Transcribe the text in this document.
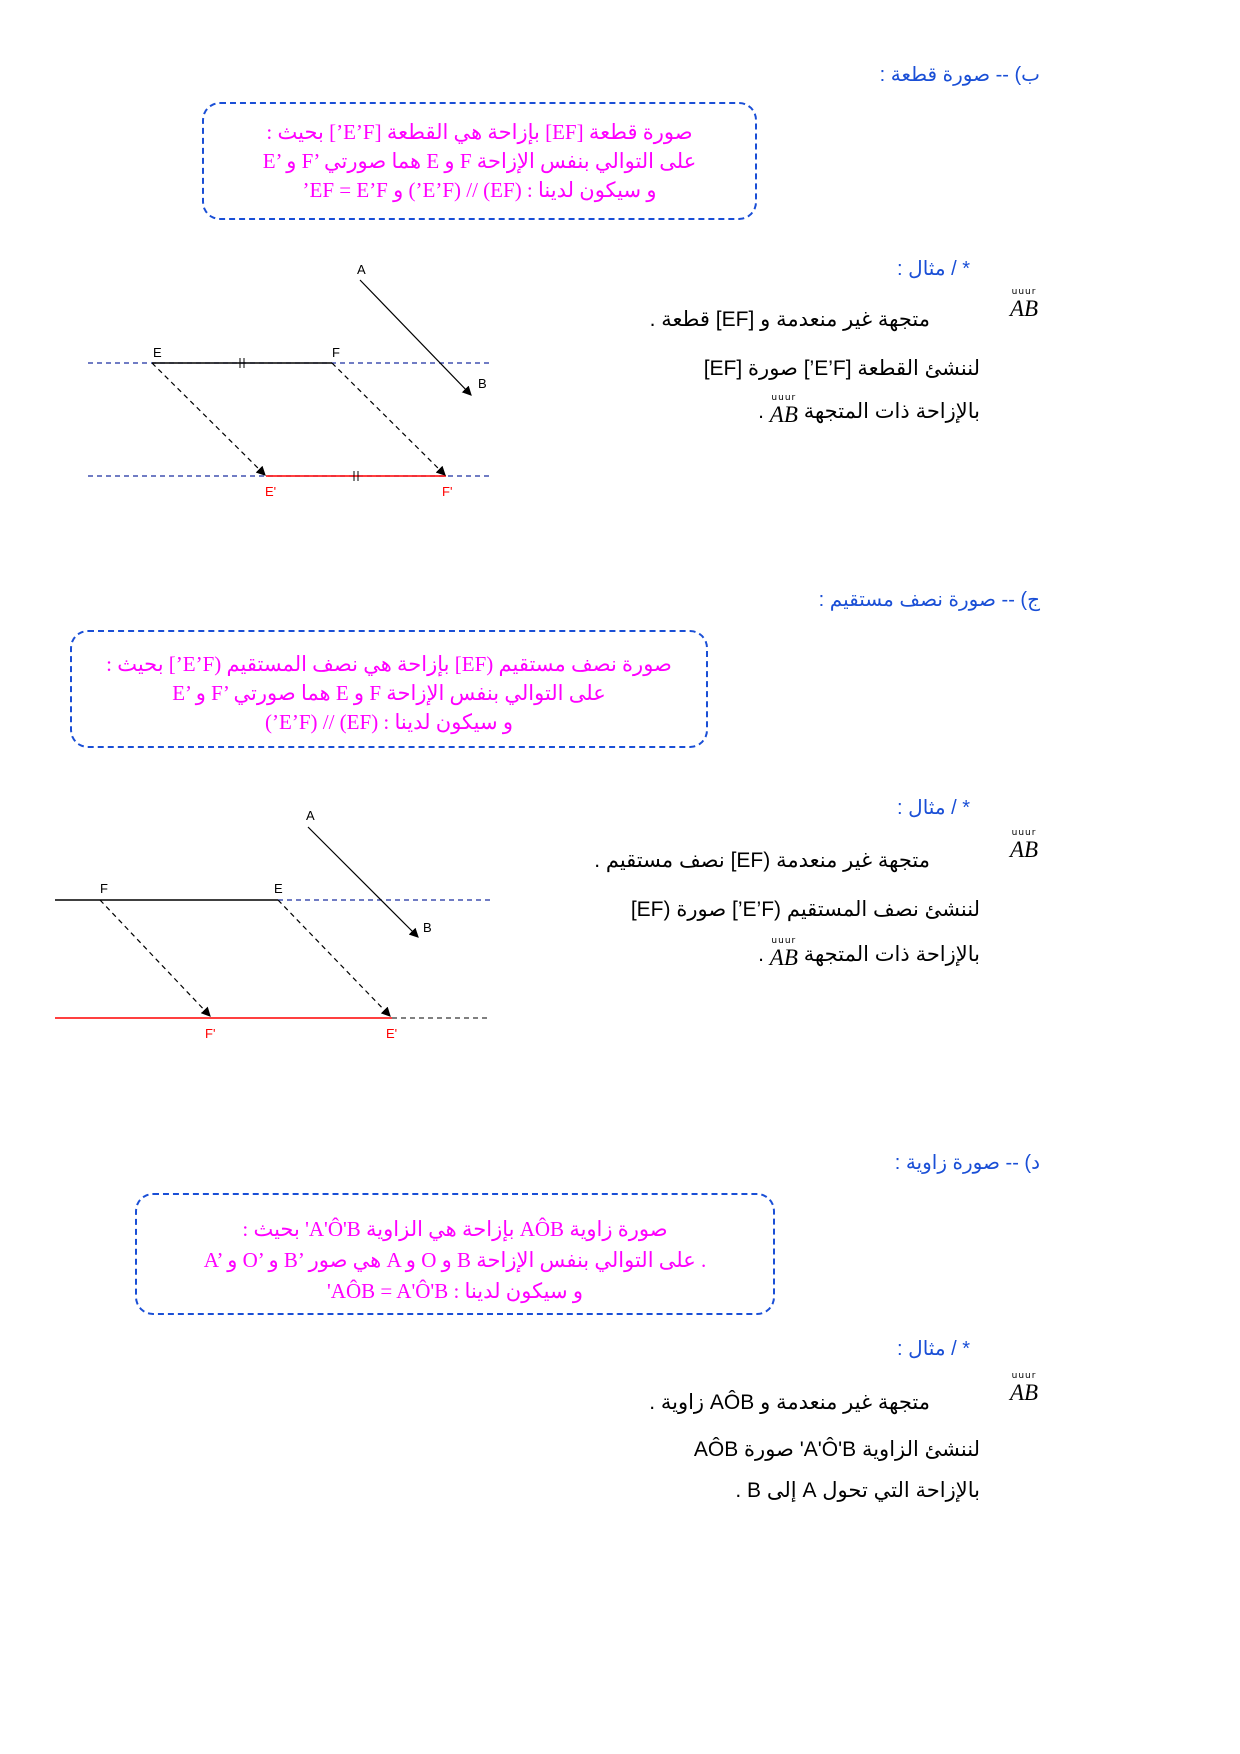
ب) -- صورة قطعة :
صورة قطعة [EF] بإزاحة هي القطعة [E’F’] بحيث :
E’ و F’ هما صورتي E و F على التوالي بنفس الإزاحة
و سيكون لدينا : (EF) // (E’F’) و EF = E’F’
* / مثال :
uuur
AB
متجهة غير منعدمة و [EF] قطعة .
لننشئ القطعة [E’F’] صورة [EF]
بالإزاحة ذات المتجهة
uuur
AB .
A
B
E	F
E'	F'
ج) -- صورة نصف مستقيم :
صورة نصف مستقيم (EF] بإزاحة هي نصف المستقيم (E’F’] بحيث :
E’ و F’ هما صورتي E و F على التوالي بنفس الإزاحة
و سيكون لدينا : (EF) // (E’F’)
* / مثال :
uuur
AB
متجهة غير منعدمة (EF] نصف مستقيم .
لننشئ نصف المستقيم (E’F’] صورة (EF]
بالإزاحة ذات المتجهة
uuur
AB .
A
B
F	E
F'	E'
د) -- صورة زاوية :
صورة زاوية AÔB بإزاحة هي الزاوية A'Ô'B' بحيث :
A’ و O’ و B’ هي صور A و O و B على التوالي بنفس الإزاحة .
و سيكون لدينا : AÔB = A'Ô'B'
* / مثال :
uuur
AB
متجهة غير منعدمة و AÔB زاوية .
لننشئ الزاوية A'Ô'B' صورة AÔB
بالإزاحة التي تحول A إلى B .
